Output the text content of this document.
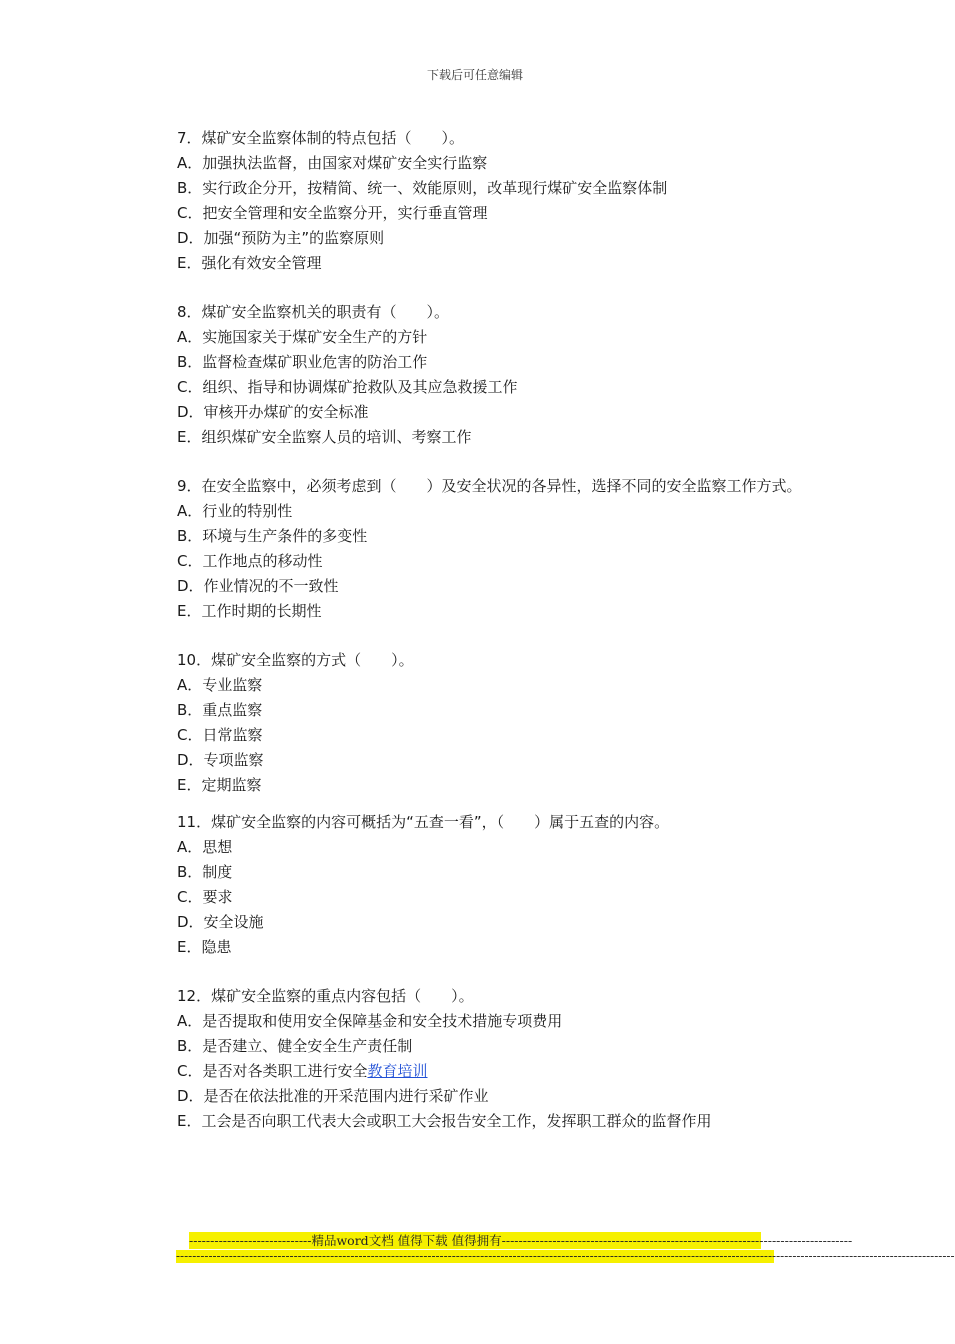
下载后可任意编辑

7．煤矿安全监察体制的特点包括（　　）。

A．加强执法监督，由国家对煤矿安全实行监察

B．实行政企分开，按精简、统一、效能原则，改革现行煤矿安全监察体制

C．把安全管理和安全监察分开，实行垂直管理

D．加强“预防为主”的监察原则

E．强化有效安全管理

8．煤矿安全监察机关的职责有（　　）。

A．实施国家关于煤矿安全生产的方针

B．监督检查煤矿职业危害的防治工作

C．组织、指导和协调煤矿抢救队及其应急救援工作

D．审核开办煤矿的安全标准

E．组织煤矿安全监察人员的培训、考察工作

9．在安全监察中，必须考虑到（　　）及安全状况的各异性，选择不同的安全监察工作方式。

A．行业的特别性

B．环境与生产条件的多变性

C．工作地点的移动性

D．作业情况的不一致性

E．工作时期的长期性

10．煤矿安全监察的方式（　　）。

A．专业监察

B．重点监察

C．日常监察

D．专项监察

E．定期监察

11．煤矿安全监察的内容可概括为“五查一看”，（　　）属于五查的内容。

A．思想

B．制度

C．要求

D．安全设施

E．隐患

12．煤矿安全监察的重点内容包括（　　）。

A．是否提取和使用安全保障基金和安全技术措施专项费用

B．是否建立、健全安全生产责任制

C．是否对各类职工进行安全教育培训

D．是否在依法批准的开采范围内进行采矿作业

E．工会是否向职工代表大会或职工大会报告安全工作，发挥职工群众的监督作用

-----------------------------精品word文档 值得下载 值得拥有-----------------------------------------------------------------------------------
------------------------------------------------------------------------------------------------------------------------------------------------------------------------------------------------
